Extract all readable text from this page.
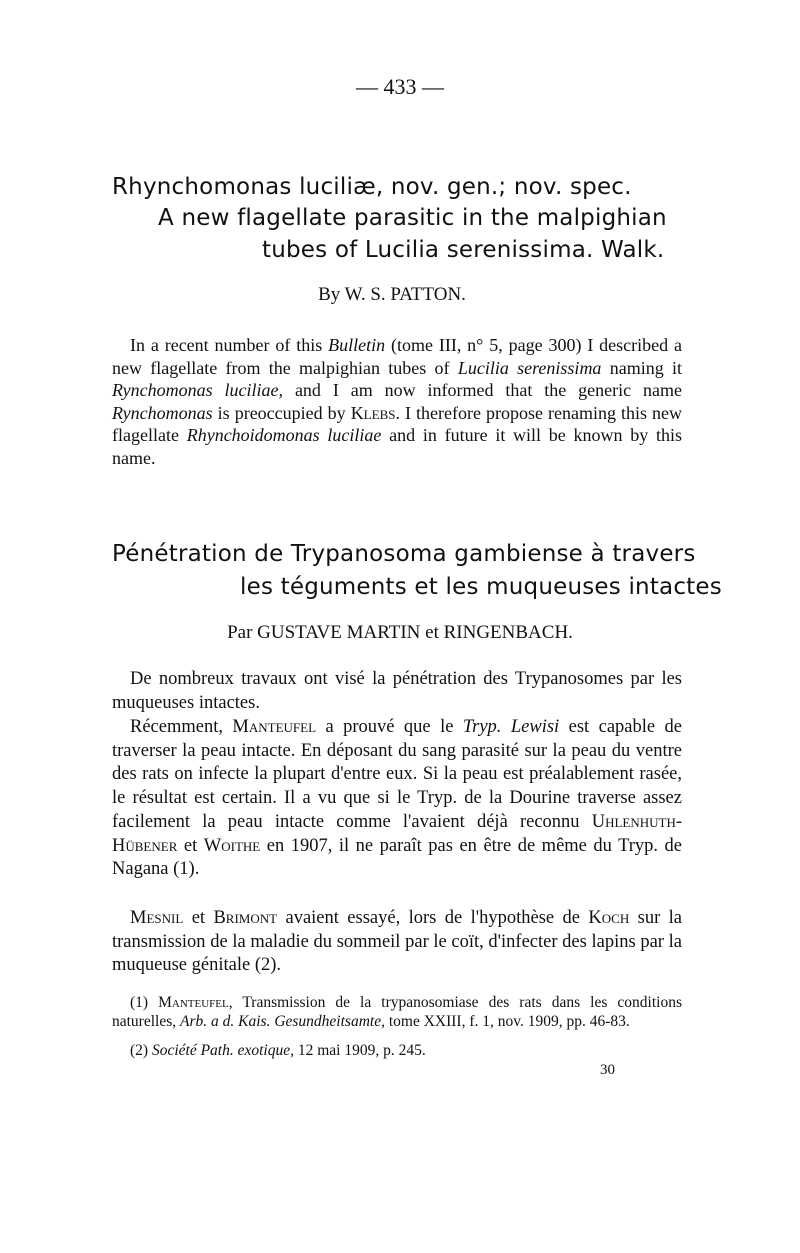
— 433 —
Rhynchomonas luciliæ, nov. gen.; nov. spec.
A new flagellate parasitic in the malpighian
tubes of Lucilia serenissima. Walk.
By W. S. PATTON.

In a recent number of this Bulletin (tome III, n° 5, page 300) I described a new flagellate from the malpighian tubes of Lucilia serenissima naming it Rynchomonas luciliae, and I am now informed that the generic name Rynchomonas is preoccupied by Klebs. I therefore propose renaming this new flagellate Rhynchoidomonas luciliae and in future it will be known by this name.

Pénétration de Trypanosoma gambiense à travers
les téguments et les muqueuses intactes
Par GUSTAVE MARTIN et RINGENBACH.

De nombreux travaux ont visé la pénétration des Trypanosomes par les muqueuses intactes.

Récemment, Manteufel a prouvé que le Tryp. Lewisi est capable de traverser la peau intacte. En déposant du sang parasité sur la peau du ventre des rats on infecte la plupart d'entre eux. Si la peau est préalablement rasée, le résultat est certain. Il a vu que si le Tryp. de la Dourine traverse assez facilement la peau intacte comme l'avaient déjà reconnu Uhlenhuth-Hübener et Woithe en 1907, il ne paraît pas en être de même du Tryp. de Nagana (1).

Mesnil et Brimont avaient essayé, lors de l'hypothèse de Koch sur la transmission de la maladie du sommeil par le coït, d'infecter des lapins par la muqueuse génitale (2).

(1) Manteufel, Transmission de la trypanosomiase des rats dans les conditions naturelles, Arb. a d. Kais. Gesundheitsamte, tome XXIII, f. 1, nov. 1909, pp. 46-83.

(2) Société Path. exotique, 12 mai 1909, p. 245.

30
